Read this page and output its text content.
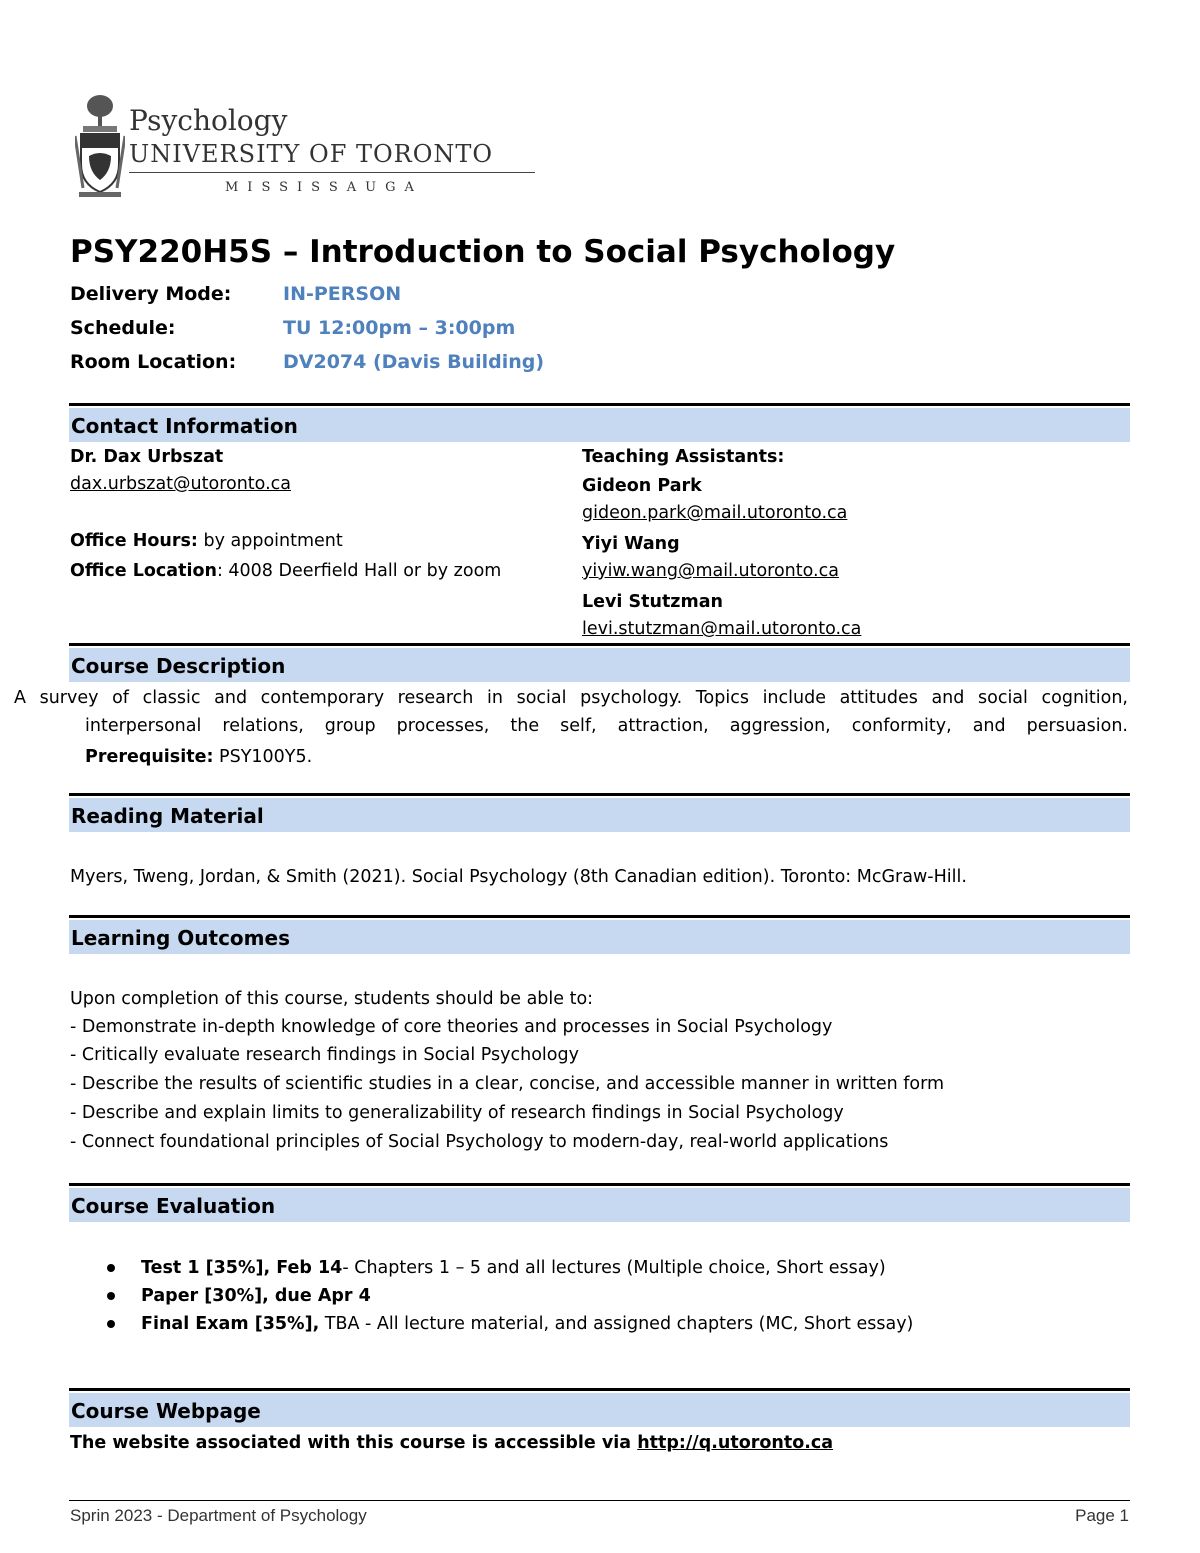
Psychology
UNIVERSITY OF TORONTO
MISSISSAUGA
PSY220H5S – Introduction to Social Psychology
Delivery Mode:	IN-PERSON
Schedule:	TU 12:00pm – 3:00pm
Room Location: DV2074 (Davis Building)
Contact Information
Dr. Dax Urbszat
dax.urbszat@utoronto.ca
Office Hours: by appointment
Office Location: 4008 Deerfield Hall or by zoom
Teaching Assistants:
Gideon Park
gideon.park@mail.utoronto.ca
Yiyi Wang
yiyiw.wang@mail.utoronto.ca
Levi Stutzman
levi.stutzman@mail.utoronto.ca
Course Description
A survey of classic and contemporary research in social psychology. Topics include attitudes and social cognition,
interpersonal relations, group processes, the self, attraction, aggression, conformity, and persuasion.
Prerequisite: PSY100Y5.
Reading Material
Myers, Tweng, Jordan, & Smith (2021). Social Psychology (8th Canadian edition). Toronto: McGraw-Hill.
Learning Outcomes
Upon completion of this course, students should be able to:
- Demonstrate in-depth knowledge of core theories and processes in Social Psychology
- Critically evaluate research findings in Social Psychology
- Describe the results of scientific studies in a clear, concise, and accessible manner in written form
- Describe and explain limits to generalizability of research findings in Social Psychology
- Connect foundational principles of Social Psychology to modern-day, real-world applications
Course Evaluation
Test 1 [35%], Feb 14- Chapters 1 – 5 and all lectures (Multiple choice, Short essay)
Paper [30%], due Apr 4
Final Exam [35%], TBA - All lecture material, and assigned chapters (MC, Short essay)
Course Webpage
The website associated with this course is accessible via http://q.utoronto.ca
Sprin 2023 - Department of Psychology	Page 1
